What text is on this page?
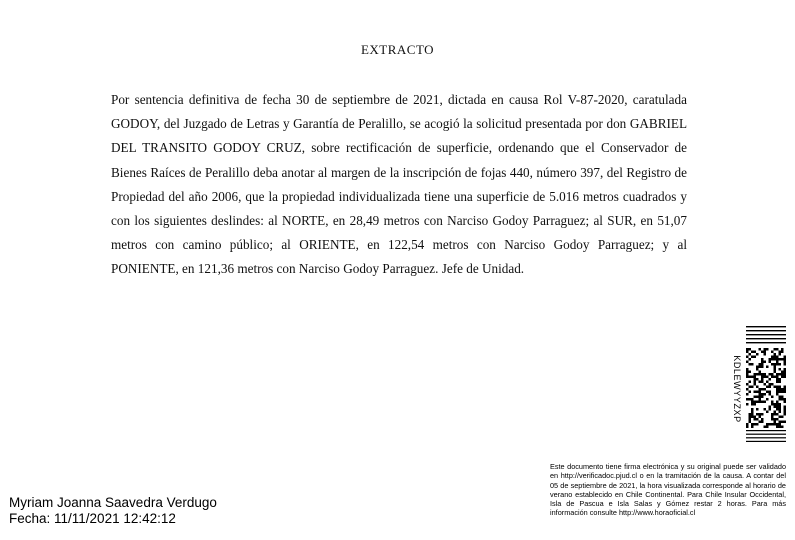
EXTRACTO
Por sentencia definitiva de fecha 30 de septiembre de 2021, dictada en causa Rol V-87-2020, caratulada GODOY, del Juzgado de Letras y Garantía de Peralillo, se acogió la solicitud presentada por don GABRIEL DEL TRANSITO GODOY CRUZ, sobre rectificación de superficie, ordenando que el Conservador de Bienes Raíces de Peralillo deba anotar al margen de la inscripción de fojas 440, número 397, del Registro de Propiedad del año 2006, que la propiedad individualizada tiene una superficie de 5.016 metros cuadrados y con los siguientes deslindes: al NORTE, en 28,49 metros con Narciso Godoy Parraguez; al SUR, en 51,07 metros con camino público; al ORIENTE, en 122,54 metros con Narciso Godoy Parraguez; y al PONIENTE, en 121,36 metros con Narciso Godoy Parraguez. Jefe de Unidad.
KDLEWYYZXP
Este documento tiene firma electrónica y su original puede ser validado en http://verificadoc.pjud.cl o en la tramitación de la causa. A contar del 05 de septiembre de 2021, la hora visualizada corresponde al horario de verano establecido en Chile Continental. Para Chile Insular Occidental, Isla de Pascua e Isla Salas y Gómez restar 2 horas. Para más información consulte http://www.horaoficial.cl
Myriam Joanna Saavedra Verdugo
Fecha: 11/11/2021 12:42:12
